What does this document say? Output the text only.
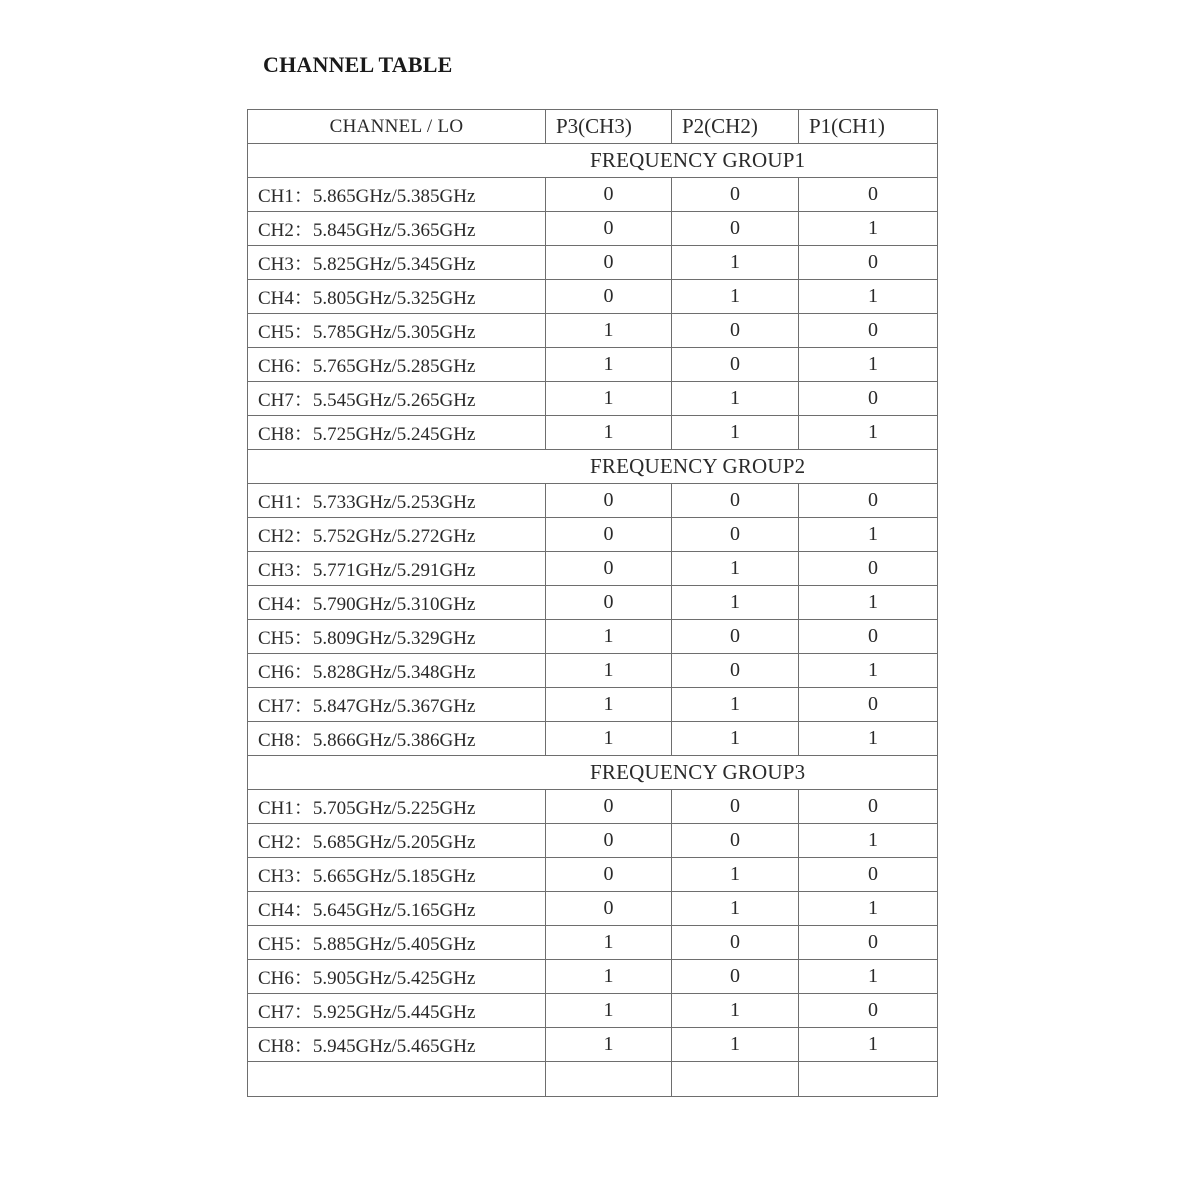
CHANNEL TABLE
CHANNEL / LO	P3(CH3)	P2(CH2)	P1(CH1)
FREQUENCY GROUP1			
CH1：5.865GHz/5.385GHz	0	0	0
CH2：5.845GHz/5.365GHz	0	0	1
CH3：5.825GHz/5.345GHz	0	1	0
CH4：5.805GHz/5.325GHz	0	1	1
CH5：5.785GHz/5.305GHz	1	0	0
CH6：5.765GHz/5.285GHz	1	0	1
CH7：5.545GHz/5.265GHz	1	1	0
CH8：5.725GHz/5.245GHz	1	1	1
FREQUENCY GROUP2			
CH1：5.733GHz/5.253GHz	0	0	0
CH2：5.752GHz/5.272GHz	0	0	1
CH3：5.771GHz/5.291GHz	0	1	0
CH4：5.790GHz/5.310GHz	0	1	1
CH5：5.809GHz/5.329GHz	1	0	0
CH6：5.828GHz/5.348GHz	1	0	1
CH7：5.847GHz/5.367GHz	1	1	0
CH8：5.866GHz/5.386GHz	1	1	1
FREQUENCY GROUP3			
CH1：5.705GHz/5.225GHz	0	0	0
CH2：5.685GHz/5.205GHz	0	0	1
CH3：5.665GHz/5.185GHz	0	1	0
CH4：5.645GHz/5.165GHz	0	1	1
CH5：5.885GHz/5.405GHz	1	0	0
CH6：5.905GHz/5.425GHz	1	0	1
CH7：5.925GHz/5.445GHz	1	1	0
CH8：5.945GHz/5.465GHz	1	1	1
